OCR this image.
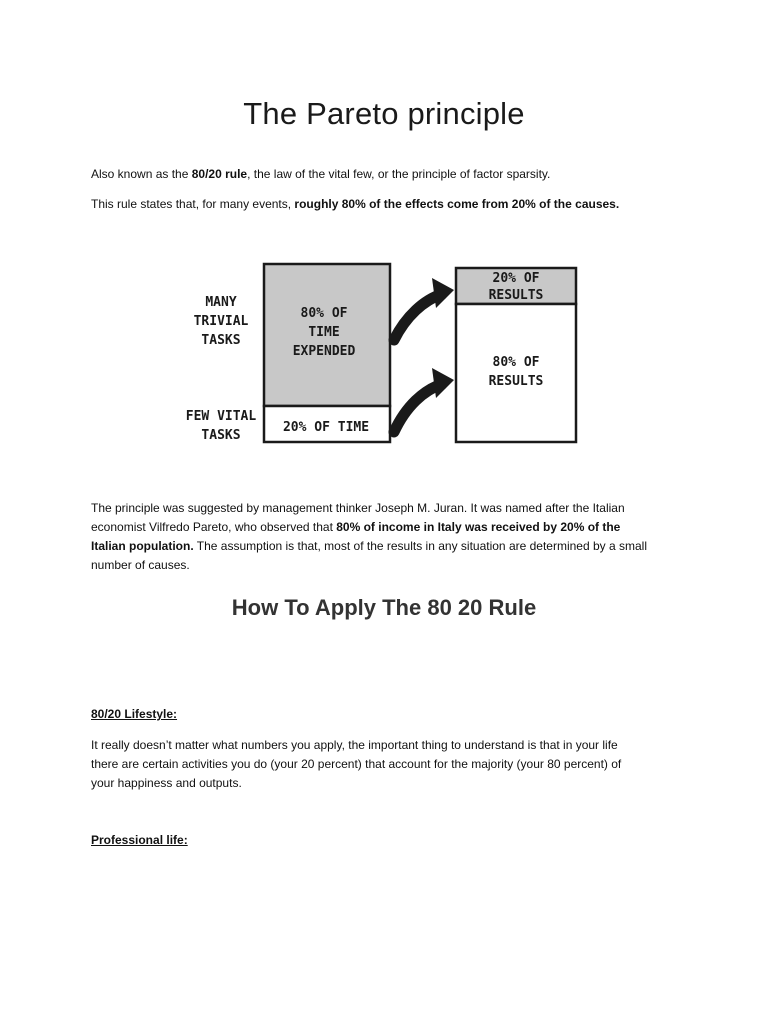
The Pareto principle

Also known as the 80/20 rule, the law of the vital few, or the principle of factor sparsity.

This rule states that, for many events, roughly 80% of the effects come from 20% of the causes.

MANY
TRIVIAL
TASKS
FEW VITAL
TASKS
80% OF
TIME
EXPENDED
20% OF TIME
20% OF
RESULTS
80% OF
RESULTS
The principle was suggested by management thinker Joseph M. Juran. It was named after the Italian
economist Vilfredo Pareto, who observed that 80% of income in Italy was received by 20% of the
Italian population. The assumption is that, most of the results in any situation are determined by a small
number of causes.
How To Apply The 80 20 Rule

80/20 Lifestyle:

It really doesn’t matter what numbers you apply, the important thing to understand is that in your life
there are certain activities you do (your 20 percent) that account for the majority (your 80 percent) of
your happiness and outputs.

Professional life:
